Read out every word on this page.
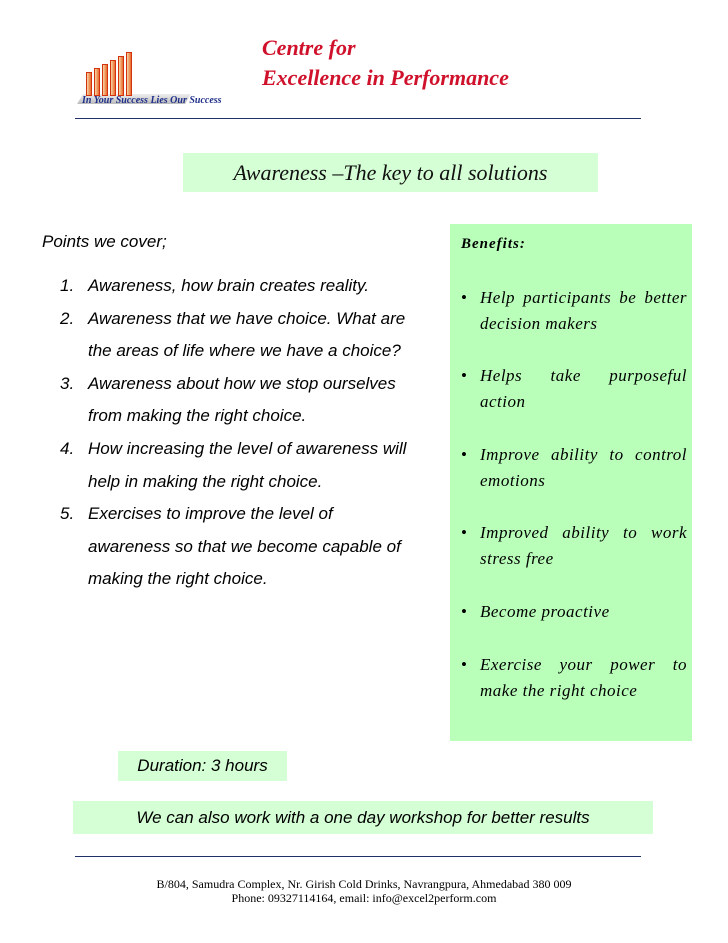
In Your Success Lies Our Success
Centre for
Excellence in Performance
Awareness –The key to all solutions
Points we cover;
1. Awareness, how brain creates reality.
2. Awareness that we have choice. What are the areas of life where we have a choice?
3. Awareness about how we stop ourselves from making the right choice.
4. How increasing the level of awareness will help in making the right choice.
5. Exercises to improve the level of awareness so that we become capable of making the right choice.
Benefits:
• Help participants be better decision makers
• Helps take purposeful action
• Improve ability to control emotions
• Improved ability to work stress free
• Become proactive
• Exercise your power to make the right choice
Duration: 3 hours
We can also work with a one day workshop for better results
B/804, Samudra Complex, Nr. Girish Cold Drinks, Navrangpura, Ahmedabad 380 009
Phone: 09327114164, email: info@excel2perform.com
